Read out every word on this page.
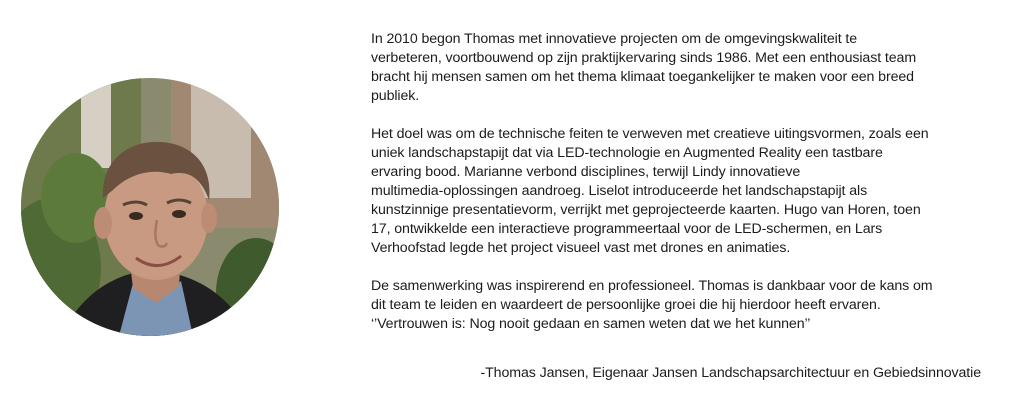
In 2010 begon Thomas met innovatieve projecten om de omgevingskwaliteit te
verbeteren, voortbouwend op zijn praktijkervaring sinds 1986. Met een enthousiast team
bracht hij mensen samen om het thema klimaat toegankelijker te maken voor een breed
publiek.

Het doel was om de technische feiten te verweven met creatieve uitingsvormen, zoals een
uniek landschapstapijt dat via LED-technologie en Augmented Reality een tastbare
ervaring bood. Marianne verbond disciplines, terwijl Lindy innovatieve
multimedia-oplossingen aandroeg. Liselot introduceerde het landschapstapijt als
kunstzinnige presentatievorm, verrijkt met geprojecteerde kaarten. Hugo van Horen, toen
17, ontwikkelde een interactieve programmeertaal voor de LED-schermen, en Lars
Verhoofstad legde het project visueel vast met drones en animaties.

De samenwerking was inspirerend en professioneel. Thomas is dankbaar voor de kans om
dit team te leiden en waardeert de persoonlijke groei die hij hierdoor heeft ervaren.
‘’Vertrouwen is: Nog nooit gedaan en samen weten dat we het kunnen’’

-Thomas Jansen, Eigenaar Jansen Landschapsarchitectuur en Gebiedsinnovatie
